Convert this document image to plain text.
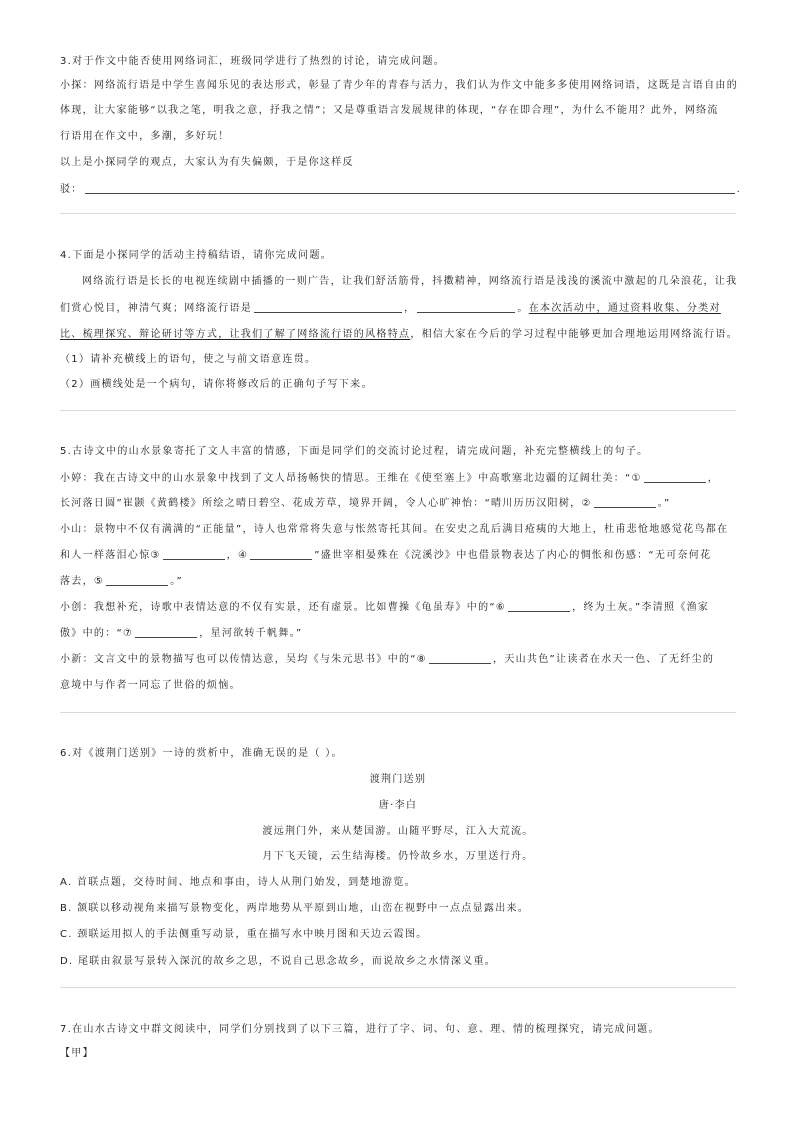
3.对于作文中能否使用网络词汇，班级同学进行了热烈的讨论，请完成问题。
小探：网络流行语是中学生喜闻乐见的表达形式，彰显了青少年的青春与活力，我们认为作文中能多多使用网络词语，这既是言语自由的
体现，让大家能够“以我之笔，明我之意，抒我之情”；又是尊重语言发展规律的体现，“存在即合理”，为什么不能用？此外，网络流
行语用在作文中，多潮，多好玩！
以上是小探同学的观点，大家认为有失偏颇，于是你这样反
驳：	.
4.下面是小探同学的活动主持稿结语，请你完成问题。
网络流行语是长长的电视连续剧中插播的一则广告，让我们舒活筋骨，抖擞精神，网络流行语是浅浅的溪流中激起的几朵浪花，让我
们赏心悦目，神清气爽；网络流行语是	，	。在本次活动中，通过资料收集、分类对
比、梳理探究、辩论研讨等方式，让我们了解了网络流行语的风格特点，相信大家在今后的学习过程中能够更加合理地运用网络流行语。
（1）请补充横线上的语句，使之与前文语意连贯。
（2）画横线处是一个病句，请你将修改后的正确句子写下来。
5.古诗文中的山水景象寄托了文人丰富的情感，下面是同学们的交流讨论过程，请完成问题，补充完整横线上的句子。
小婷：我在古诗文中的山水景象中找到了文人昂扬畅快的情思。王维在《使至塞上》中高歌塞北边疆的辽阔壮美：“①	，
长河落日圆”崔颢《黄鹤楼》所绘之晴日碧空、花成芳草，境界开阔，令人心旷神怡：“晴川历历汉阳树，②	。”
小山：景物中不仅有满满的“正能量”，诗人也常常将失意与怅然寄托其间。在安史之乱后满目疮痍的大地上，杜甫悲怆地感觉花鸟都在
和人一样落泪心惊③	，④	”盛世宰相晏殊在《浣溪沙》中也借景物表达了内心的惆怅和伤感：“无可奈何花
落去，⑤	。”
小创：我想补充，诗歌中表情达意的不仅有实景，还有虚景。比如曹操《龟虽寿》中的“⑥	，终为土灰。”李清照《渔家
傲》中的：“⑦	，星河欲转千帆舞。”
小新：文言文中的景物描写也可以传情达意，吴均《与朱元思书》中的“⑧	，天山共色”让读者在水天一色、了无纤尘的
意境中与作者一同忘了世俗的烦恼。
6.对《渡荆门送别》一诗的赏析中，准确无误的是（ ）。
渡荆门送别
唐·李白
渡远荆门外，来从楚国游。山随平野尽，江入大荒流。
月下飞天镜，云生结海楼。仍怜故乡水，万里送行舟。
A. 首联点题，交待时间、地点和事由，诗人从荆门始发，到楚地游览。
B. 颔联以移动视角来描写景物变化，两岸地势从平原到山地，山峦在视野中一点点显露出来。
C. 颈联运用拟人的手法侧重写动景，重在描写水中映月图和天边云霞图。
D. 尾联由叙景写景转入深沉的故乡之思，不说自己思念故乡，而说故乡之水情深义重。
7.在山水古诗文中群文阅读中，同学们分别找到了以下三篇，进行了字、词、句、意、理、情的梳理探究，请完成问题。
【甲】
